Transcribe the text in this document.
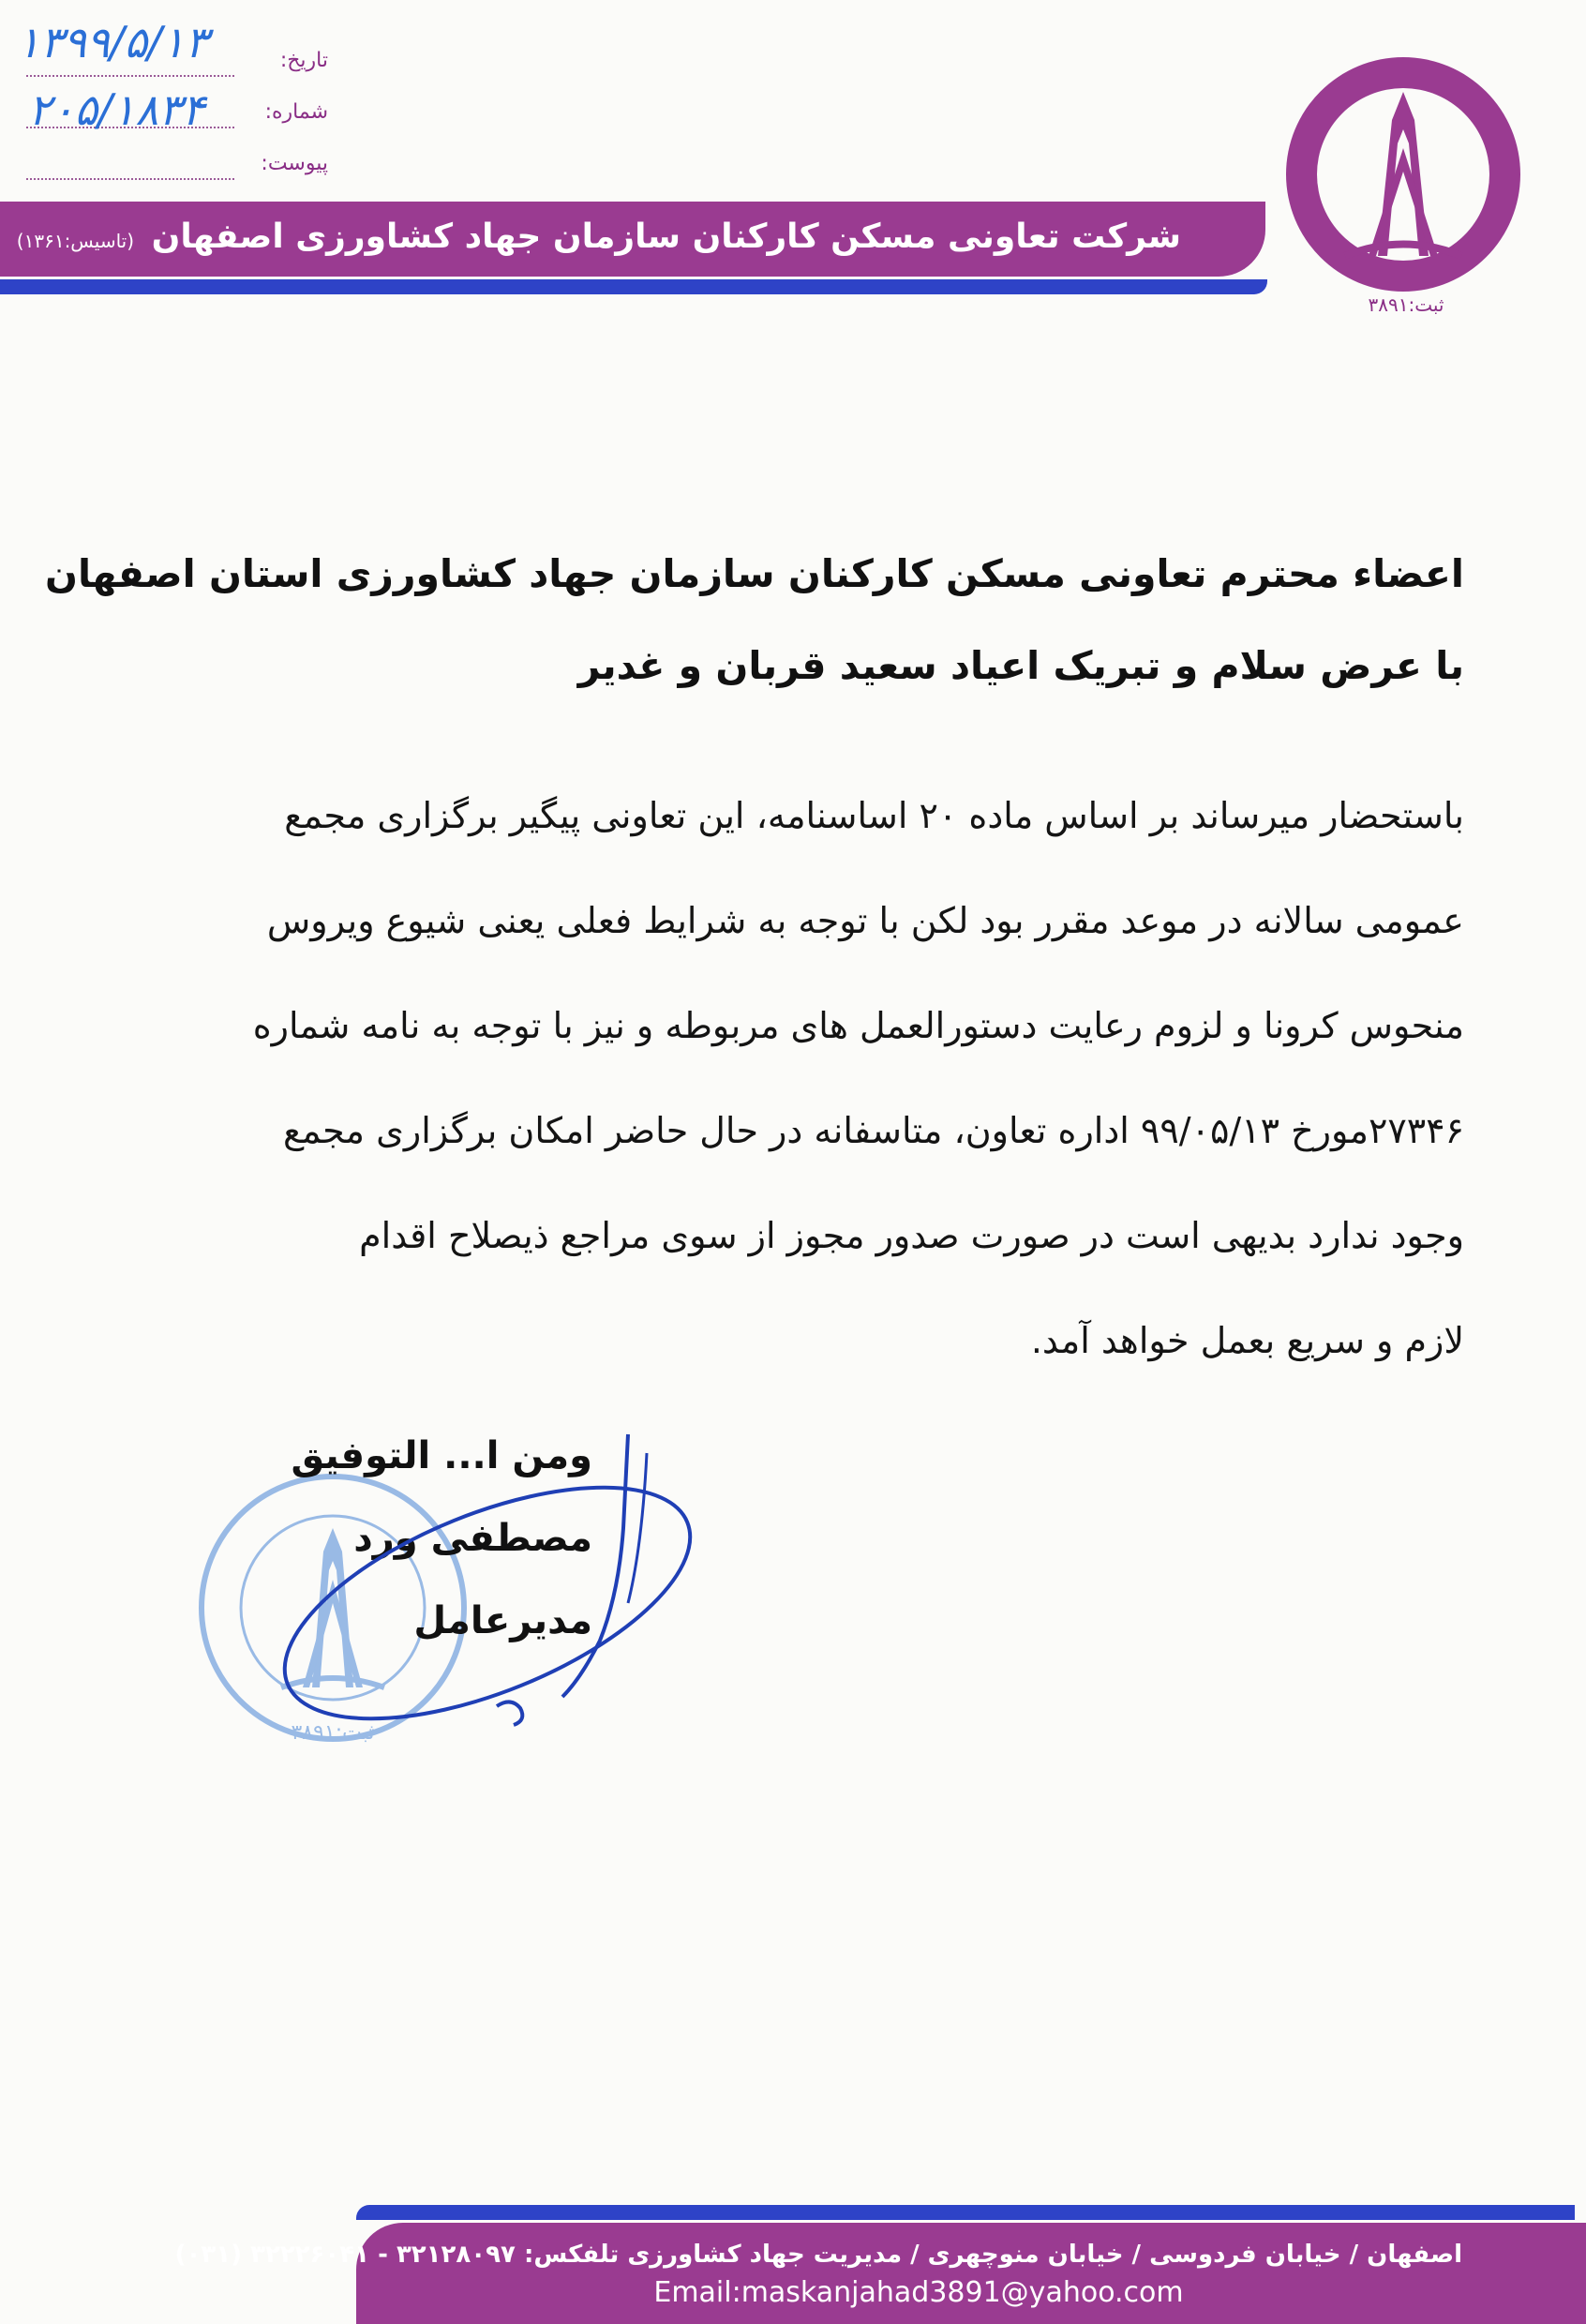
تاریخ:
شماره:
پیوست:
۱۳۹۹/۵/۱۳
۲۰۵/۱۸۳۴
شرکت تعاونی مسکن کارکنان سازمان جهاد کشاورزی اصفهان (تاسیس:۱۳۶۱)
ثبت:۳۸۹۱
اعضاء محترم تعاونی مسکن کارکنان سازمان جهاد کشاورزی استان اصفهان
با عرض سلام و تبریک اعیاد سعید قربان و غدیر
باستحضار میرساند بر اساس ماده ۲۰ اساسنامه، این تعاونی پیگیر برگزاری مجمع
عمومی سالانه در موعد مقرر بود لکن با توجه به شرایط فعلی یعنی شیوع ویروس
منحوس کرونا و لزوم رعایت دستورالعمل های مربوطه و نیز با توجه به نامه شماره
۲۷۳۴۶مورخ ۹۹/۰۵/۱۳ اداره تعاون، متاسفانه در حال حاضر امکان برگزاری مجمع
وجود ندارد بدیهی است در صورت صدور مجوز از سوی مراجع ذیصلاح اقدام
لازم و سریع بعمل خواهد آمد.
ثبت:۳۸۹۱
ومن ا... التوفیق
مصطفی ورد
مدیرعامل
اصفهان / خیابان فردوسی / خیابان منوچهری / مدیریت جهاد کشاورزی تلفکس: ۳۲۱۲۸۰۹۷ - ۳۲۲۲۶۰۴۱ (۰۳۱)
Email:maskanjahad3891@yahoo.com
